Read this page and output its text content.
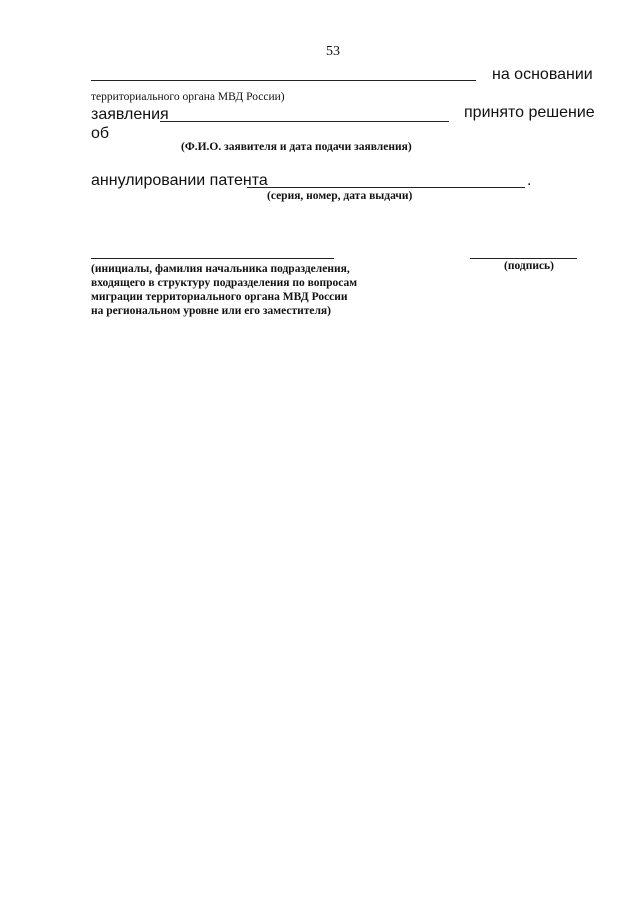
53
на основании
территориального органа МВД России)
заявления	принято решение
об
(Ф.И.О. заявителя и дата подачи заявления)
аннулировании патента	.
(серия, номер, дата выдачи)
(инициалы, фамилия начальника подразделения,
входящего в структуру подразделения по вопросам
миграции территориального органа МВД России
на региональном уровне или его заместителя)
(подпись)
